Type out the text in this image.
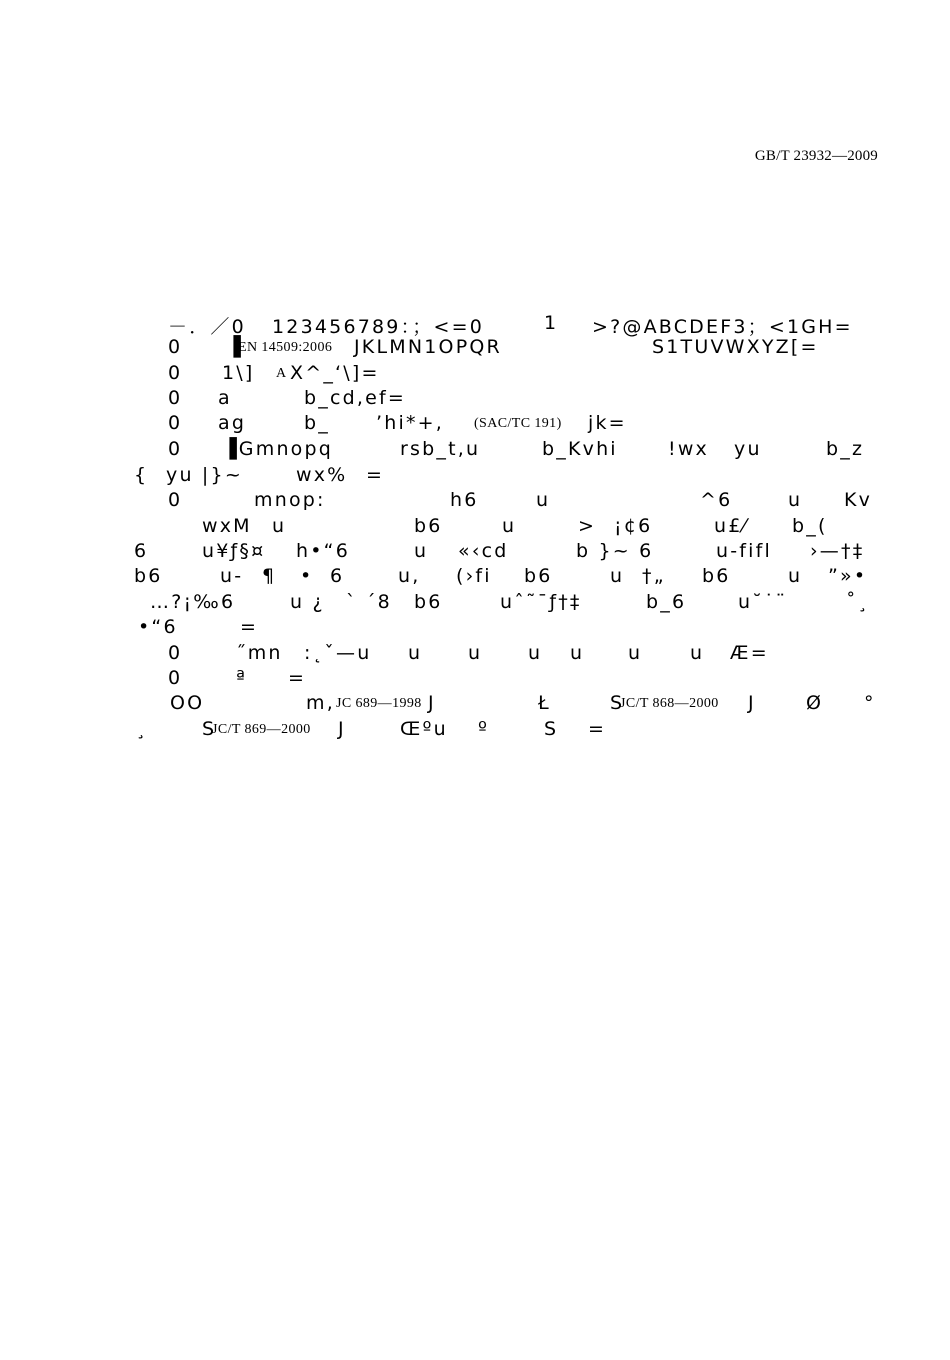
GB/T 23932—2009

－．／0

123456789：；<=0

	1

>?@ABCDEF3；<1GH=

0

▐

EN 14509:2006

JKLMN1OPQR

	S1TUVWXYZ[=

0

1\]

A

X^_‘\]=

0

a

	b_cd,ef=

0

ag

	b_

’hi*+,

(SAC/TC 191)

jk=

0

▐Gmnopq

	rsb_t,u

	b_Kvhi

	!wx

yu

	b_z

{

yu |}~

	wx%

=

0

	mnop:

	h6

	u

	^6

	u

Kv

wxM

u

	b6

	u

	>

¡¢6

	u£⁄

b_(

6

	u¥ƒ§¤

h•“6

	u

«‹cd

	b }~ 6

	u-fifl

›—†‡

b6

	u-

¶

•

6

	u,

(›fi

b6

	u

†„

b6

	u

”»•

…?¡‰6

	u ¿

` ´8

b6

	uˆ˜¯ƒ†‡

	b_6

	u˘˙¨

	˚¸

•“6

	=

0

	˝mn

:˛ˇ—u

u

u

u

u

u

	u

Æ=

0

	ª

=

OO

	m,

JC 689—1998

J

	Ł

	S

JC/T 868—2000

J

	Ø

°

¸

	S

JC/T 869—2000

J

	Œºu

º

	S

=
